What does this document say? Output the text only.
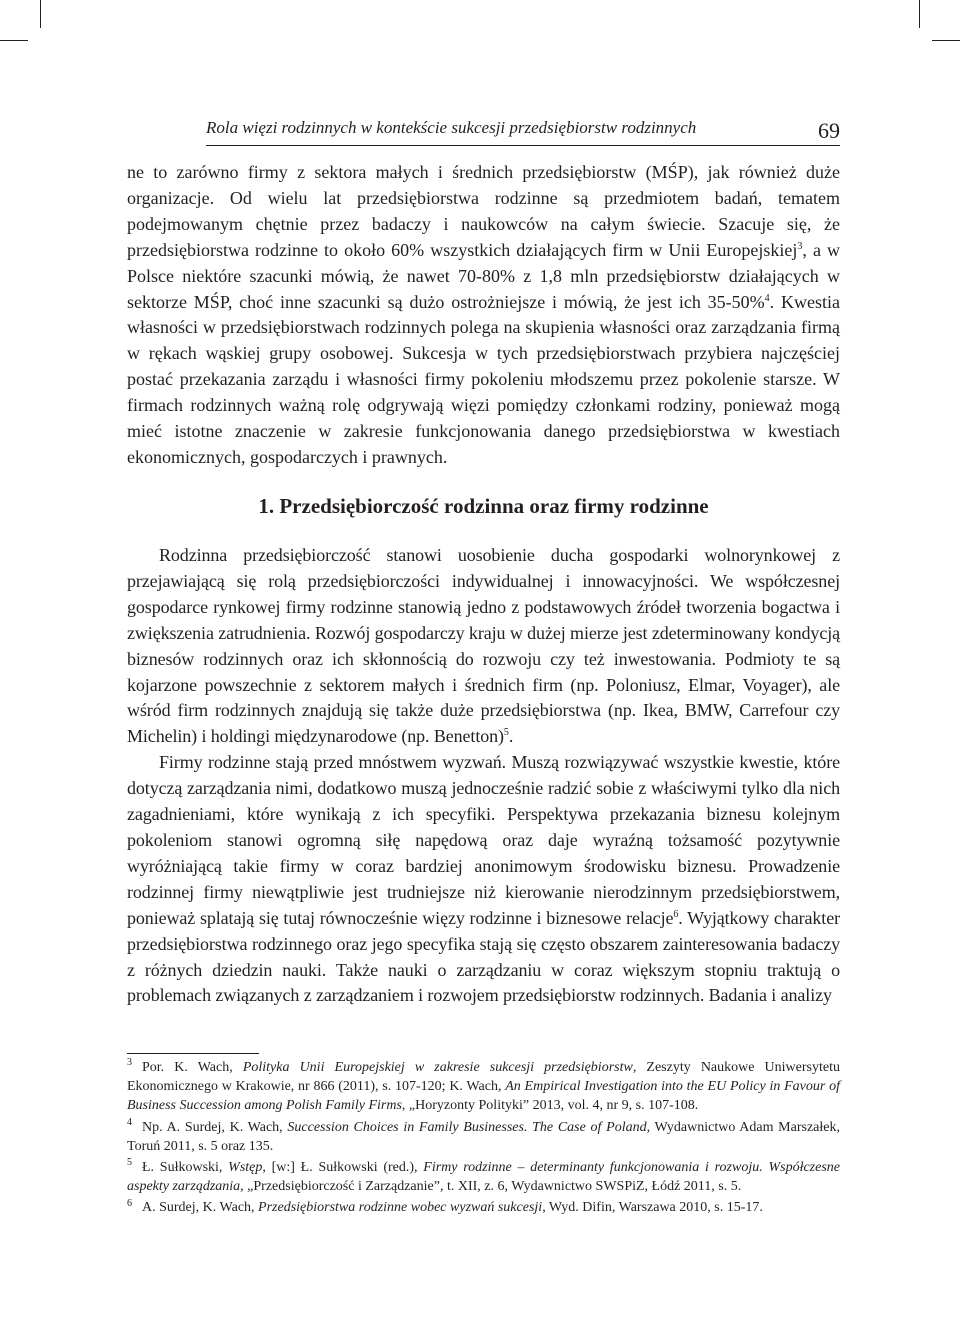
Rola więzi rodzinnych w kontekście sukcesji przedsiębiorstw rodzinnych	69

ne to zarówno firmy z sektora małych i średnich przedsiębiorstw (MŚP), jak również duże organizacje. Od wielu lat przedsiębiorstwa rodzinne są przedmiotem badań, tematem podejmowanym chętnie przez badaczy i naukowców na całym świecie. Szacuje się, że przedsiębiorstwa rodzinne to około 60% wszystkich działających firm w Unii Europejskiej$^3$, a w Polsce niektóre szacunki mówią, że nawet 70-80% z 1,8 mln przedsiębiorstw działających w sektorze MŚP, choć inne szacunki są dużo ostrożniejsze i mówią, że jest ich 35-50%$^4$. Kwestia własności w przedsiębiorstwach rodzinnych polega na skupienia własności oraz zarządzania firmą w rękach wąskiej grupy osobowej. Sukcesja w tych przedsiębiorstwach przybiera najczęściej postać przekazania zarządu i własności firmy pokoleniu młodszemu przez pokolenie starsze. W firmach rodzinnych ważną rolę odgrywają więzi pomiędzy członkami rodziny, ponieważ mogą mieć istotne znaczenie w zakresie funkcjonowania danego przedsiębiorstwa w kwestiach ekonomicznych, gospodarczych i prawnych.

1. Przedsiębiorczość rodzinna oraz firmy rodzinne

Rodzinna przedsiębiorczość stanowi uosobienie ducha gospodarki wolnorynkowej z przejawiającą się rolą przedsiębiorczości indywidualnej i innowacyjności. We współczesnej gospodarce rynkowej firmy rodzinne stanowią jedno z podstawowych źródeł tworzenia bogactwa i zwiększenia zatrudnienia. Rozwój gospodarczy kraju w dużej mierze jest zdeterminowany kondycją biznesów rodzinnych oraz ich skłonnością do rozwoju czy też inwestowania. Podmioty te są kojarzone powszechnie z sektorem małych i średnich firm (np. Poloniusz, Elmar, Voyager), ale wśród firm rodzinnych znajdują się także duże przedsiębiorstwa (np. Ikea, BMW, Carrefour czy Michelin) i holdingi międzynarodowe (np. Benetton)$^5$.

Firmy rodzinne stają przed mnóstwem wyzwań. Muszą rozwiązywać wszystkie kwestie, które dotyczą zarządzania nimi, dodatkowo muszą jednocześnie radzić sobie z właściwymi tylko dla nich zagadnieniami, które wynikają z ich specyfiki. Perspektywa przekazania biznesu kolejnym pokoleniom stanowi ogromną siłę napędową oraz daje wyraźną tożsamość pozytywnie wyróżniającą takie firmy w coraz bardziej anonimowym środowisku biznesu. Prowadzenie rodzinnej firmy niewątpliwie jest trudniejsze niż kierowanie nierodzinnym przedsiębiorstwem, ponieważ splatają się tutaj równocześnie więzy rodzinne i biznesowe relacje$^6$. Wyjątkowy charakter przedsiębiorstwa rodzinnego oraz jego specyfika stają się często obszarem zainteresowania badaczy z różnych dziedzin nauki. Także nauki o zarządzaniu w coraz większym stopniu traktują o problemach związanych z zarządzaniem i rozwojem przedsiębiorstw rodzinnych. Badania i analizy

$^3$ Por. K. Wach, Polityka Unii Europejskiej w zakresie sukcesji przedsiębiorstw, Zeszyty Naukowe Uniwersytetu Ekonomicznego w Krakowie, nr 866 (2011), s. 107-120; K. Wach, An Empirical Investigation into the EU Policy in Favour of Business Succession among Polish Family Firms, „Horyzonty Polityki” 2013, vol. 4, nr 9, s. 107-108.
$^4$ Np. A. Surdej, K. Wach, Succession Choices in Family Businesses. The Case of Poland, Wydawnictwo Adam Marszałek, Toruń 2011, s. 5 oraz 135.
$^5$ Ł. Sułkowski, Wstęp, [w:] Ł. Sułkowski (red.), Firmy rodzinne – determinanty funkcjonowania i rozwoju. Współczesne aspekty zarządzania, „Przedsiębiorczość i Zarządzanie”, t. XII, z. 6, Wydawnictwo SWSPiZ, Łódź 2011, s. 5.
$^6$ A. Surdej, K. Wach, Przedsiębiorstwa rodzinne wobec wyzwań sukcesji, Wyd. Difin, Warszawa 2010, s. 15-17.
